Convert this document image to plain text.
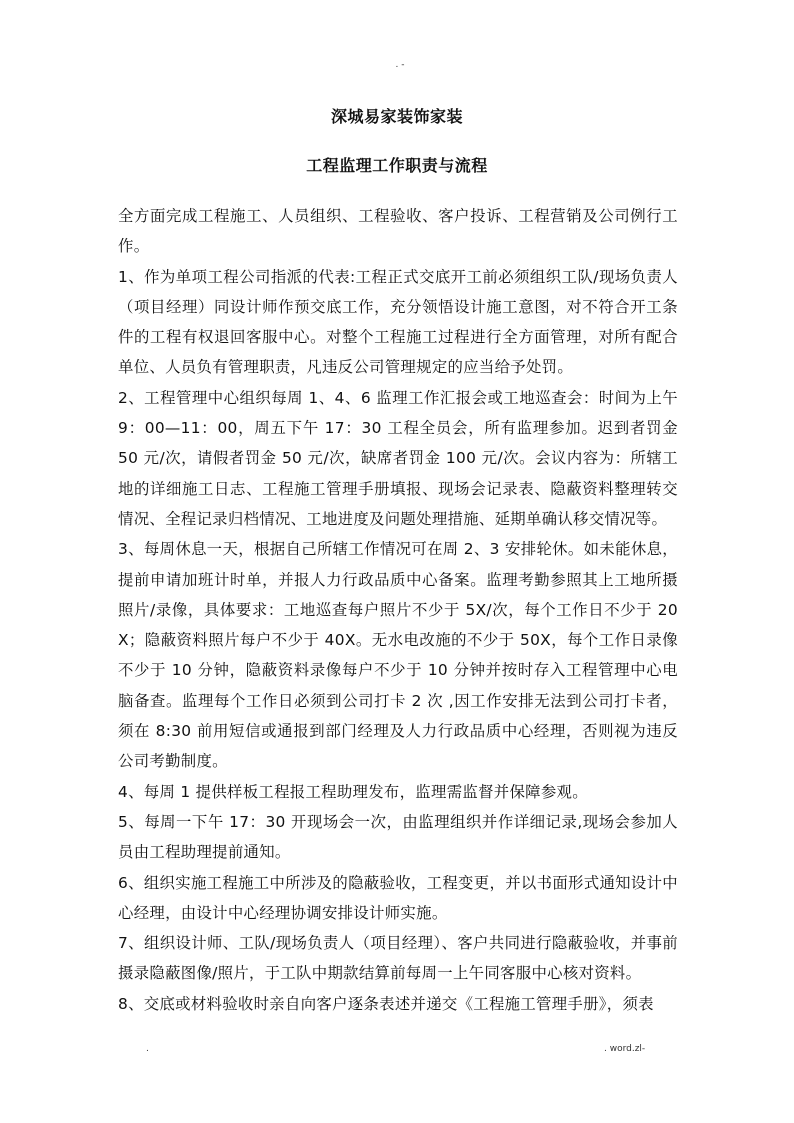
. -
深城易家装饰家装
工程监理工作职责与流程

全方面完成工程施工、人员组织、工程验收、客户投诉、工程营销及公司例行工作。

1、作为单项工程公司指派的代表:工程正式交底开工前必须组织工队/现场负责人（项目经理）同设计师作预交底工作，充分领悟设计施工意图，对不符合开工条件的工程有权退回客服中心。对整个工程施工过程进行全方面管理，对所有配合单位、人员负有管理职责，凡违反公司管理规定的应当给予处罚。

2、工程管理中心组织每周 1、4、6 监理工作汇报会或工地巡查会：时间为上午 9：00—11：00，周五下午 17：30 工程全员会，所有监理参加。迟到者罚金 50 元/次，请假者罚金 50 元/次，缺席者罚金 100 元/次。会议内容为：所辖工地的详细施工日志、工程施工管理手册填报、现场会记录表、隐蔽资料整理转交情况、全程记录归档情况、工地进度及问题处理措施、延期单确认移交情况等。

3、每周休息一天，根据自己所辖工作情况可在周 2、3 安排轮休。如未能休息，提前申请加班计时单，并报人力行政品质中心备案。监理考勤参照其上工地所摄照片/录像，具体要求：工地巡查每户照片不少于 5X/次，每个工作日不少于 20X；隐蔽资料照片每户不少于 40X。无水电改施的不少于 50X，每个工作日录像不少于 10 分钟，隐蔽资料录像每户不少于 10 分钟并按时存入工程管理中心电脑备查。监理每个工作日必须到公司打卡 2 次 ,因工作安排无法到公司打卡者，须在 8:30 前用短信或通报到部门经理及人力行政品质中心经理，否则视为违反公司考勤制度。

4、每周 1 提供样板工程报工程助理发布，监理需监督并保障参观。

5、每周一下午 17：30 开现场会一次，由监理组织并作详细记录,现场会参加人员由工程助理提前通知。

6、组织实施工程施工中所涉及的隐蔽验收，工程变更，并以书面形式通知设计中心经理，由设计中心经理协调安排设计师实施。

7、组织设计师、工队/现场负责人（项目经理）、客户共同进行隐蔽验收，并事前摄录隐蔽图像/照片，于工队中期款结算前每周一上午同客服中心核对资料。

8、交底或材料验收时亲自向客户逐条表述并递交《工程施工管理手册》，须表

.	. word.zl-
